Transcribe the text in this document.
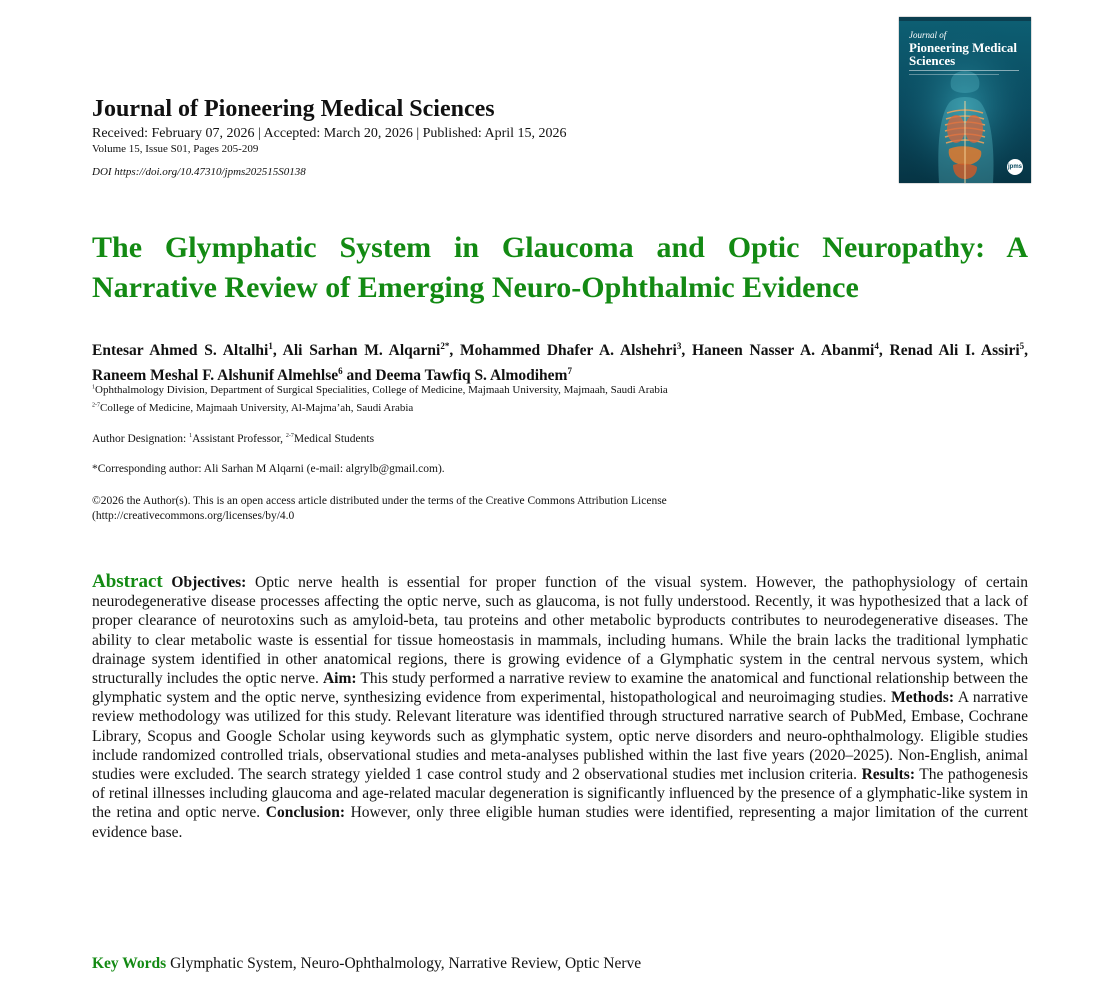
Journal of Pioneering Medical Sciences
Received: February 07, 2026 | Accepted: March 20, 2026 | Published: April 15, 2026
Volume 15, Issue S01, Pages 205-209
DOI https://doi.org/10.47310/jpms202515S0138
Journal of
Pioneering Medical
Sciences
jpms
The Glymphatic System in Glaucoma and Optic Neuropathy: A Narrative Review of Emerging Neuro-Ophthalmic Evidence
Entesar Ahmed S. Altalhi$^1$, Ali Sarhan M. Alqarni$^{2*}$, Mohammed Dhafer A. Alshehri$^3$, Haneen Nasser A. Abanmi$^4$, Renad Ali I. Assiri$^5$, Raneem Meshal F. Alshunif Almehlse$^6$ and Deema Tawfiq S. Almodihem$^7$
$^1$Ophthalmology Division, Department of Surgical Specialities, College of Medicine, Majmaah University, Majmaah, Saudi Arabia
$^{2-7}$College of Medicine, Majmaah University, Al-Majma’ah, Saudi Arabia
Author Designation: $^1$Assistant Professor, $^{2-7}$Medical Students
*Corresponding author: Ali Sarhan M Alqarni (e-mail: algrylb@gmail.com).
©2026 the Author(s). This is an open access article distributed under the terms of the Creative Commons Attribution License (http://creativecommons.org/licenses/by/4.0
Abstract Objectives: Optic nerve health is essential for proper function of the visual system. However, the pathophysiology of certain neurodegenerative disease processes affecting the optic nerve, such as glaucoma, is not fully understood. Recently, it was hypothesized that a lack of proper clearance of neurotoxins such as amyloid-beta, tau proteins and other metabolic byproducts contributes to neurodegenerative diseases. The ability to clear metabolic waste is essential for tissue homeostasis in mammals, including humans. While the brain lacks the traditional lymphatic drainage system identified in other anatomical regions, there is growing evidence of a Glymphatic system in the central nervous system, which structurally includes the optic nerve. Aim: This study performed a narrative review to examine the anatomical and functional relationship between the glymphatic system and the optic nerve, synthesizing evidence from experimental, histopathological and neuroimaging studies. Methods: A narrative review methodology was utilized for this study. Relevant literature was identified through structured narrative search of PubMed, Embase, Cochrane Library, Scopus and Google Scholar using keywords such as glymphatic system, optic nerve disorders and neuro-ophthalmology. Eligible studies include randomized controlled trials, observational studies and meta-analyses published within the last five years (2020–2025). Non-English, animal studies were excluded. The search strategy yielded 1 case control study and 2 observational studies met inclusion criteria. Results: The pathogenesis of retinal illnesses including glaucoma and age-related macular degeneration is significantly influenced by the presence of a glymphatic-like system in the retina and optic nerve. Conclusion: However, only three eligible human studies were identified, representing a major limitation of the current evidence base.
Key Words Glymphatic System, Neuro-Ophthalmology, Narrative Review, Optic Nerve
